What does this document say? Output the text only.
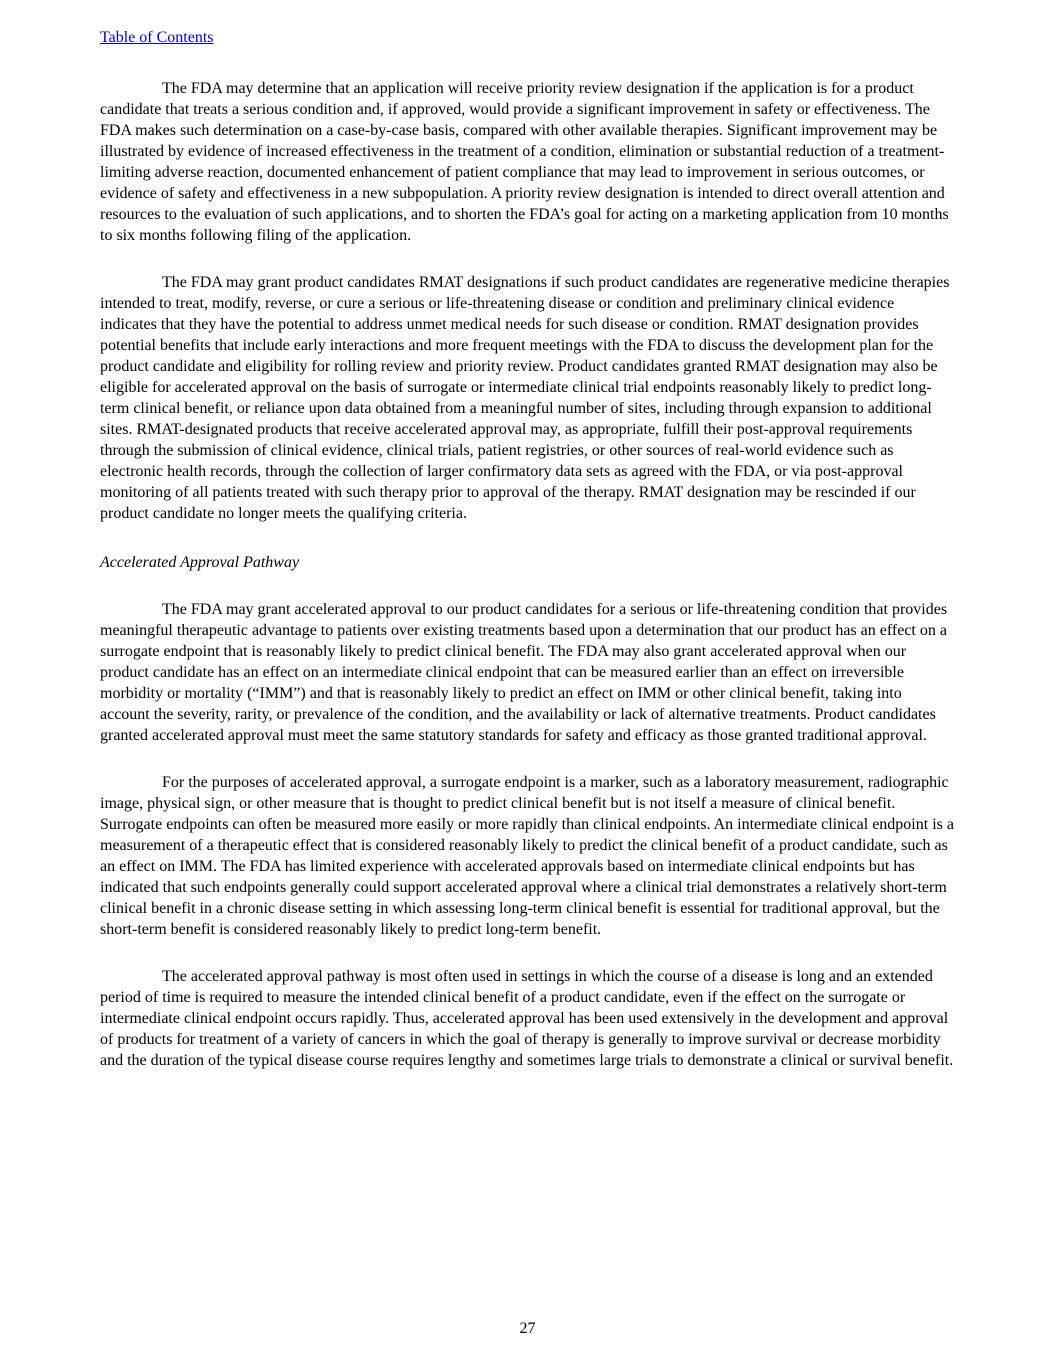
Table of Contents

The FDA may determine that an application will receive priority review designation if the application is for a product candidate that treats a serious condition and, if approved, would provide a significant improvement in safety or effectiveness. The FDA makes such determination on a case-by-case basis, compared with other available therapies. Significant improvement may be illustrated by evidence of increased effectiveness in the treatment of a condition, elimination or substantial reduction of a treatment-limiting adverse reaction, documented enhancement of patient compliance that may lead to improvement in serious outcomes, or evidence of safety and effectiveness in a new subpopulation. A priority review designation is intended to direct overall attention and resources to the evaluation of such applications, and to shorten the FDA’s goal for acting on a marketing application from 10 months to six months following filing of the application.

The FDA may grant product candidates RMAT designations if such product candidates are regenerative medicine therapies intended to treat, modify, reverse, or cure a serious or life-threatening disease or condition and preliminary clinical evidence indicates that they have the potential to address unmet medical needs for such disease or condition. RMAT designation provides potential benefits that include early interactions and more frequent meetings with the FDA to discuss the development plan for the product candidate and eligibility for rolling review and priority review. Product candidates granted RMAT designation may also be eligible for accelerated approval on the basis of surrogate or intermediate clinical trial endpoints reasonably likely to predict long-term clinical benefit, or reliance upon data obtained from a meaningful number of sites, including through expansion to additional sites. RMAT-designated products that receive accelerated approval may, as appropriate, fulfill their post-approval requirements through the submission of clinical evidence, clinical trials, patient registries, or other sources of real-world evidence such as electronic health records, through the collection of larger confirmatory data sets as agreed with the FDA, or via post-approval monitoring of all patients treated with such therapy prior to approval of the therapy. RMAT designation may be rescinded if our product candidate no longer meets the qualifying criteria.

Accelerated Approval Pathway

The FDA may grant accelerated approval to our product candidates for a serious or life-threatening condition that provides meaningful therapeutic advantage to patients over existing treatments based upon a determination that our product has an effect on a surrogate endpoint that is reasonably likely to predict clinical benefit. The FDA may also grant accelerated approval when our product candidate has an effect on an intermediate clinical endpoint that can be measured earlier than an effect on irreversible morbidity or mortality (“IMM”) and that is reasonably likely to predict an effect on IMM or other clinical benefit, taking into account the severity, rarity, or prevalence of the condition, and the availability or lack of alternative treatments. Product candidates granted accelerated approval must meet the same statutory standards for safety and efficacy as those granted traditional approval.

For the purposes of accelerated approval, a surrogate endpoint is a marker, such as a laboratory measurement, radiographic image, physical sign, or other measure that is thought to predict clinical benefit but is not itself a measure of clinical benefit. Surrogate endpoints can often be measured more easily or more rapidly than clinical endpoints. An intermediate clinical endpoint is a measurement of a therapeutic effect that is considered reasonably likely to predict the clinical benefit of a product candidate, such as an effect on IMM. The FDA has limited experience with accelerated approvals based on intermediate clinical endpoints but has indicated that such endpoints generally could support accelerated approval where a clinical trial demonstrates a relatively short-term clinical benefit in a chronic disease setting in which assessing long-term clinical benefit is essential for traditional approval, but the short-term benefit is considered reasonably likely to predict long-term benefit.

The accelerated approval pathway is most often used in settings in which the course of a disease is long and an extended period of time is required to measure the intended clinical benefit of a product candidate, even if the effect on the surrogate or intermediate clinical endpoint occurs rapidly. Thus, accelerated approval has been used extensively in the development and approval of products for treatment of a variety of cancers in which the goal of therapy is generally to improve survival or decrease morbidity and the duration of the typical disease course requires lengthy and sometimes large trials to demonstrate a clinical or survival benefit.

27
